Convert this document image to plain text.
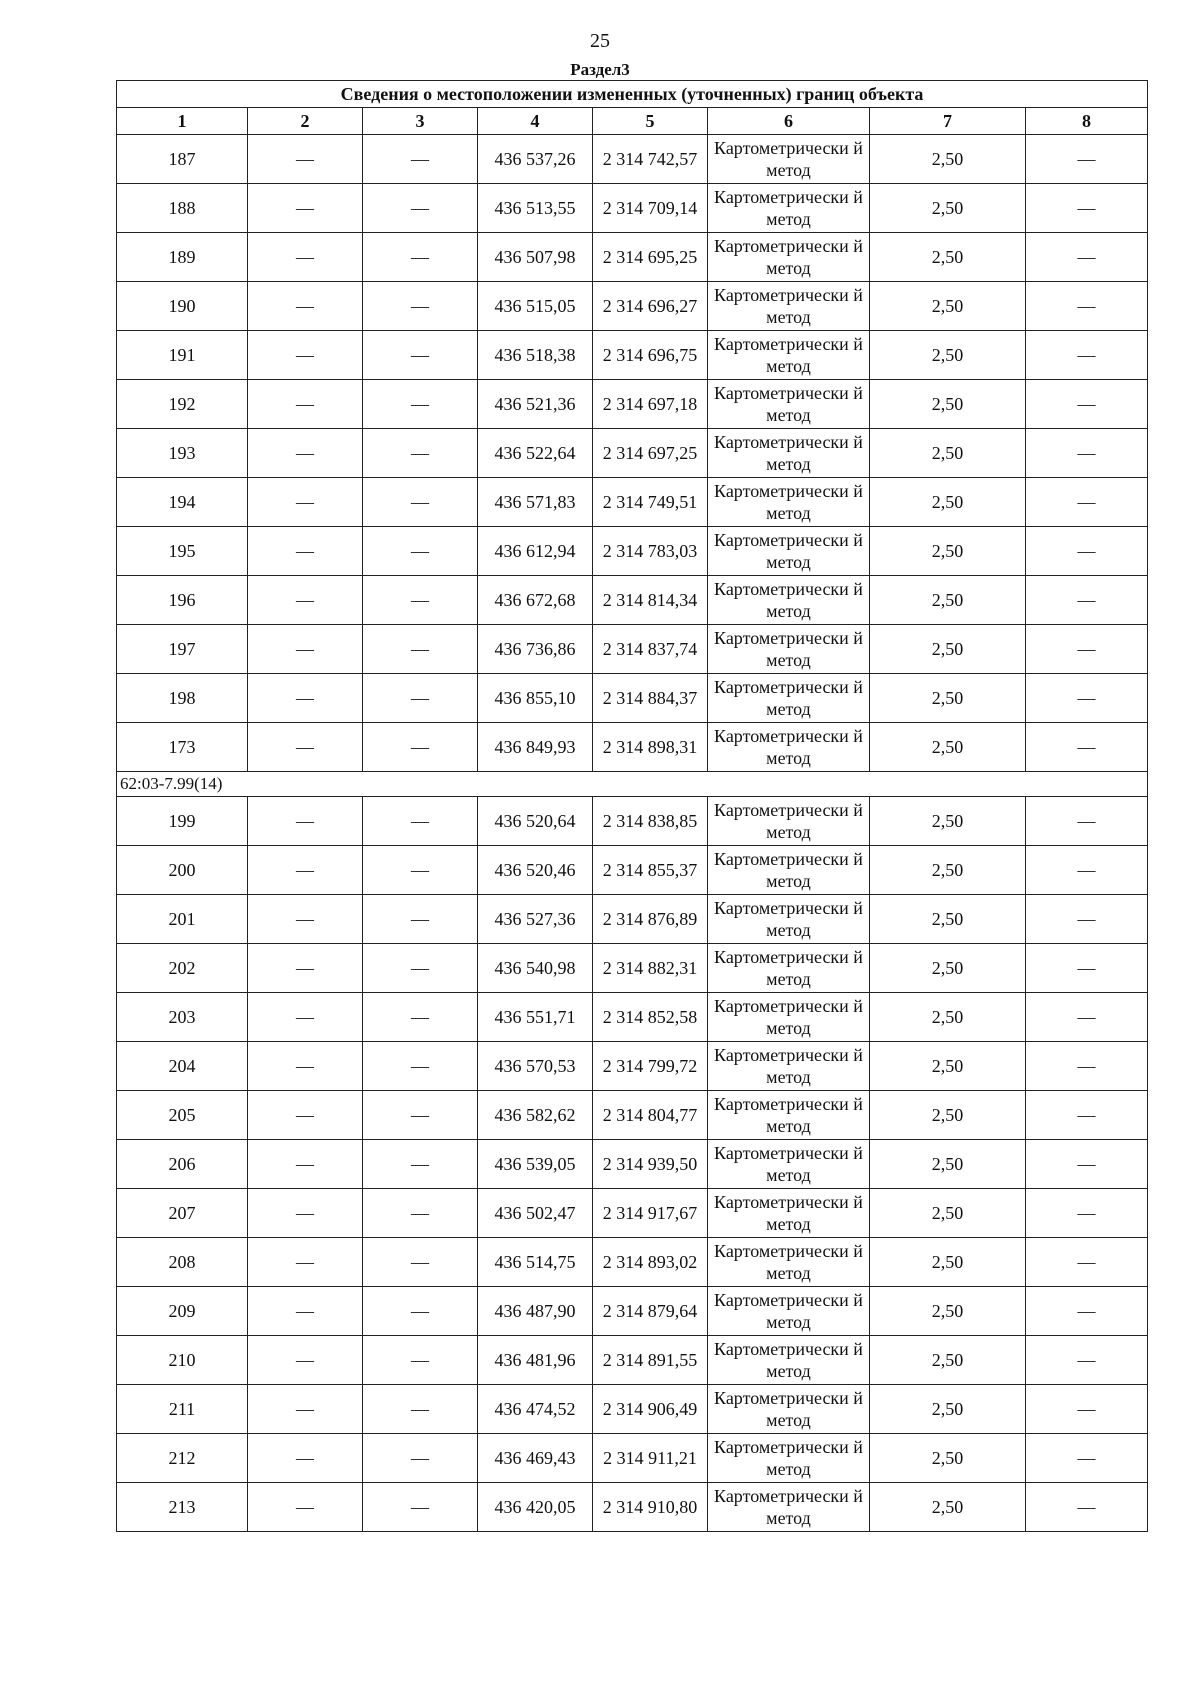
25
Раздел3
Сведения о местоположении измененных (уточненных) границ объекта							
1	2	3	4	5	6	7	8
187	—	—	436 537,26	2 314 742,57	Картометрически й метод	2,50	—
188	—	—	436 513,55	2 314 709,14	Картометрически й метод	2,50	—
189	—	—	436 507,98	2 314 695,25	Картометрически й метод	2,50	—
190	—	—	436 515,05	2 314 696,27	Картометрически й метод	2,50	—
191	—	—	436 518,38	2 314 696,75	Картометрически й метод	2,50	—
192	—	—	436 521,36	2 314 697,18	Картометрически й метод	2,50	—
193	—	—	436 522,64	2 314 697,25	Картометрически й метод	2,50	—
194	—	—	436 571,83	2 314 749,51	Картометрически й метод	2,50	—
195	—	—	436 612,94	2 314 783,03	Картометрически й метод	2,50	—
196	—	—	436 672,68	2 314 814,34	Картометрически й метод	2,50	—
197	—	—	436 736,86	2 314 837,74	Картометрически й метод	2,50	—
198	—	—	436 855,10	2 314 884,37	Картометрически й метод	2,50	—
173	—	—	436 849,93	2 314 898,31	Картометрически й метод	2,50	—
62:03-7.99(14)							
199	—	—	436 520,64	2 314 838,85	Картометрически й метод	2,50	—
200	—	—	436 520,46	2 314 855,37	Картометрически й метод	2,50	—
201	—	—	436 527,36	2 314 876,89	Картометрически й метод	2,50	—
202	—	—	436 540,98	2 314 882,31	Картометрически й метод	2,50	—
203	—	—	436 551,71	2 314 852,58	Картометрически й метод	2,50	—
204	—	—	436 570,53	2 314 799,72	Картометрически й метод	2,50	—
205	—	—	436 582,62	2 314 804,77	Картометрически й метод	2,50	—
206	—	—	436 539,05	2 314 939,50	Картометрически й метод	2,50	—
207	—	—	436 502,47	2 314 917,67	Картометрически й метод	2,50	—
208	—	—	436 514,75	2 314 893,02	Картометрически й метод	2,50	—
209	—	—	436 487,90	2 314 879,64	Картометрически й метод	2,50	—
210	—	—	436 481,96	2 314 891,55	Картометрически й метод	2,50	—
211	—	—	436 474,52	2 314 906,49	Картометрически й метод	2,50	—
212	—	—	436 469,43	2 314 911,21	Картометрически й метод	2,50	—
213	—	—	436 420,05	2 314 910,80	Картометрически й метод	2,50	—
